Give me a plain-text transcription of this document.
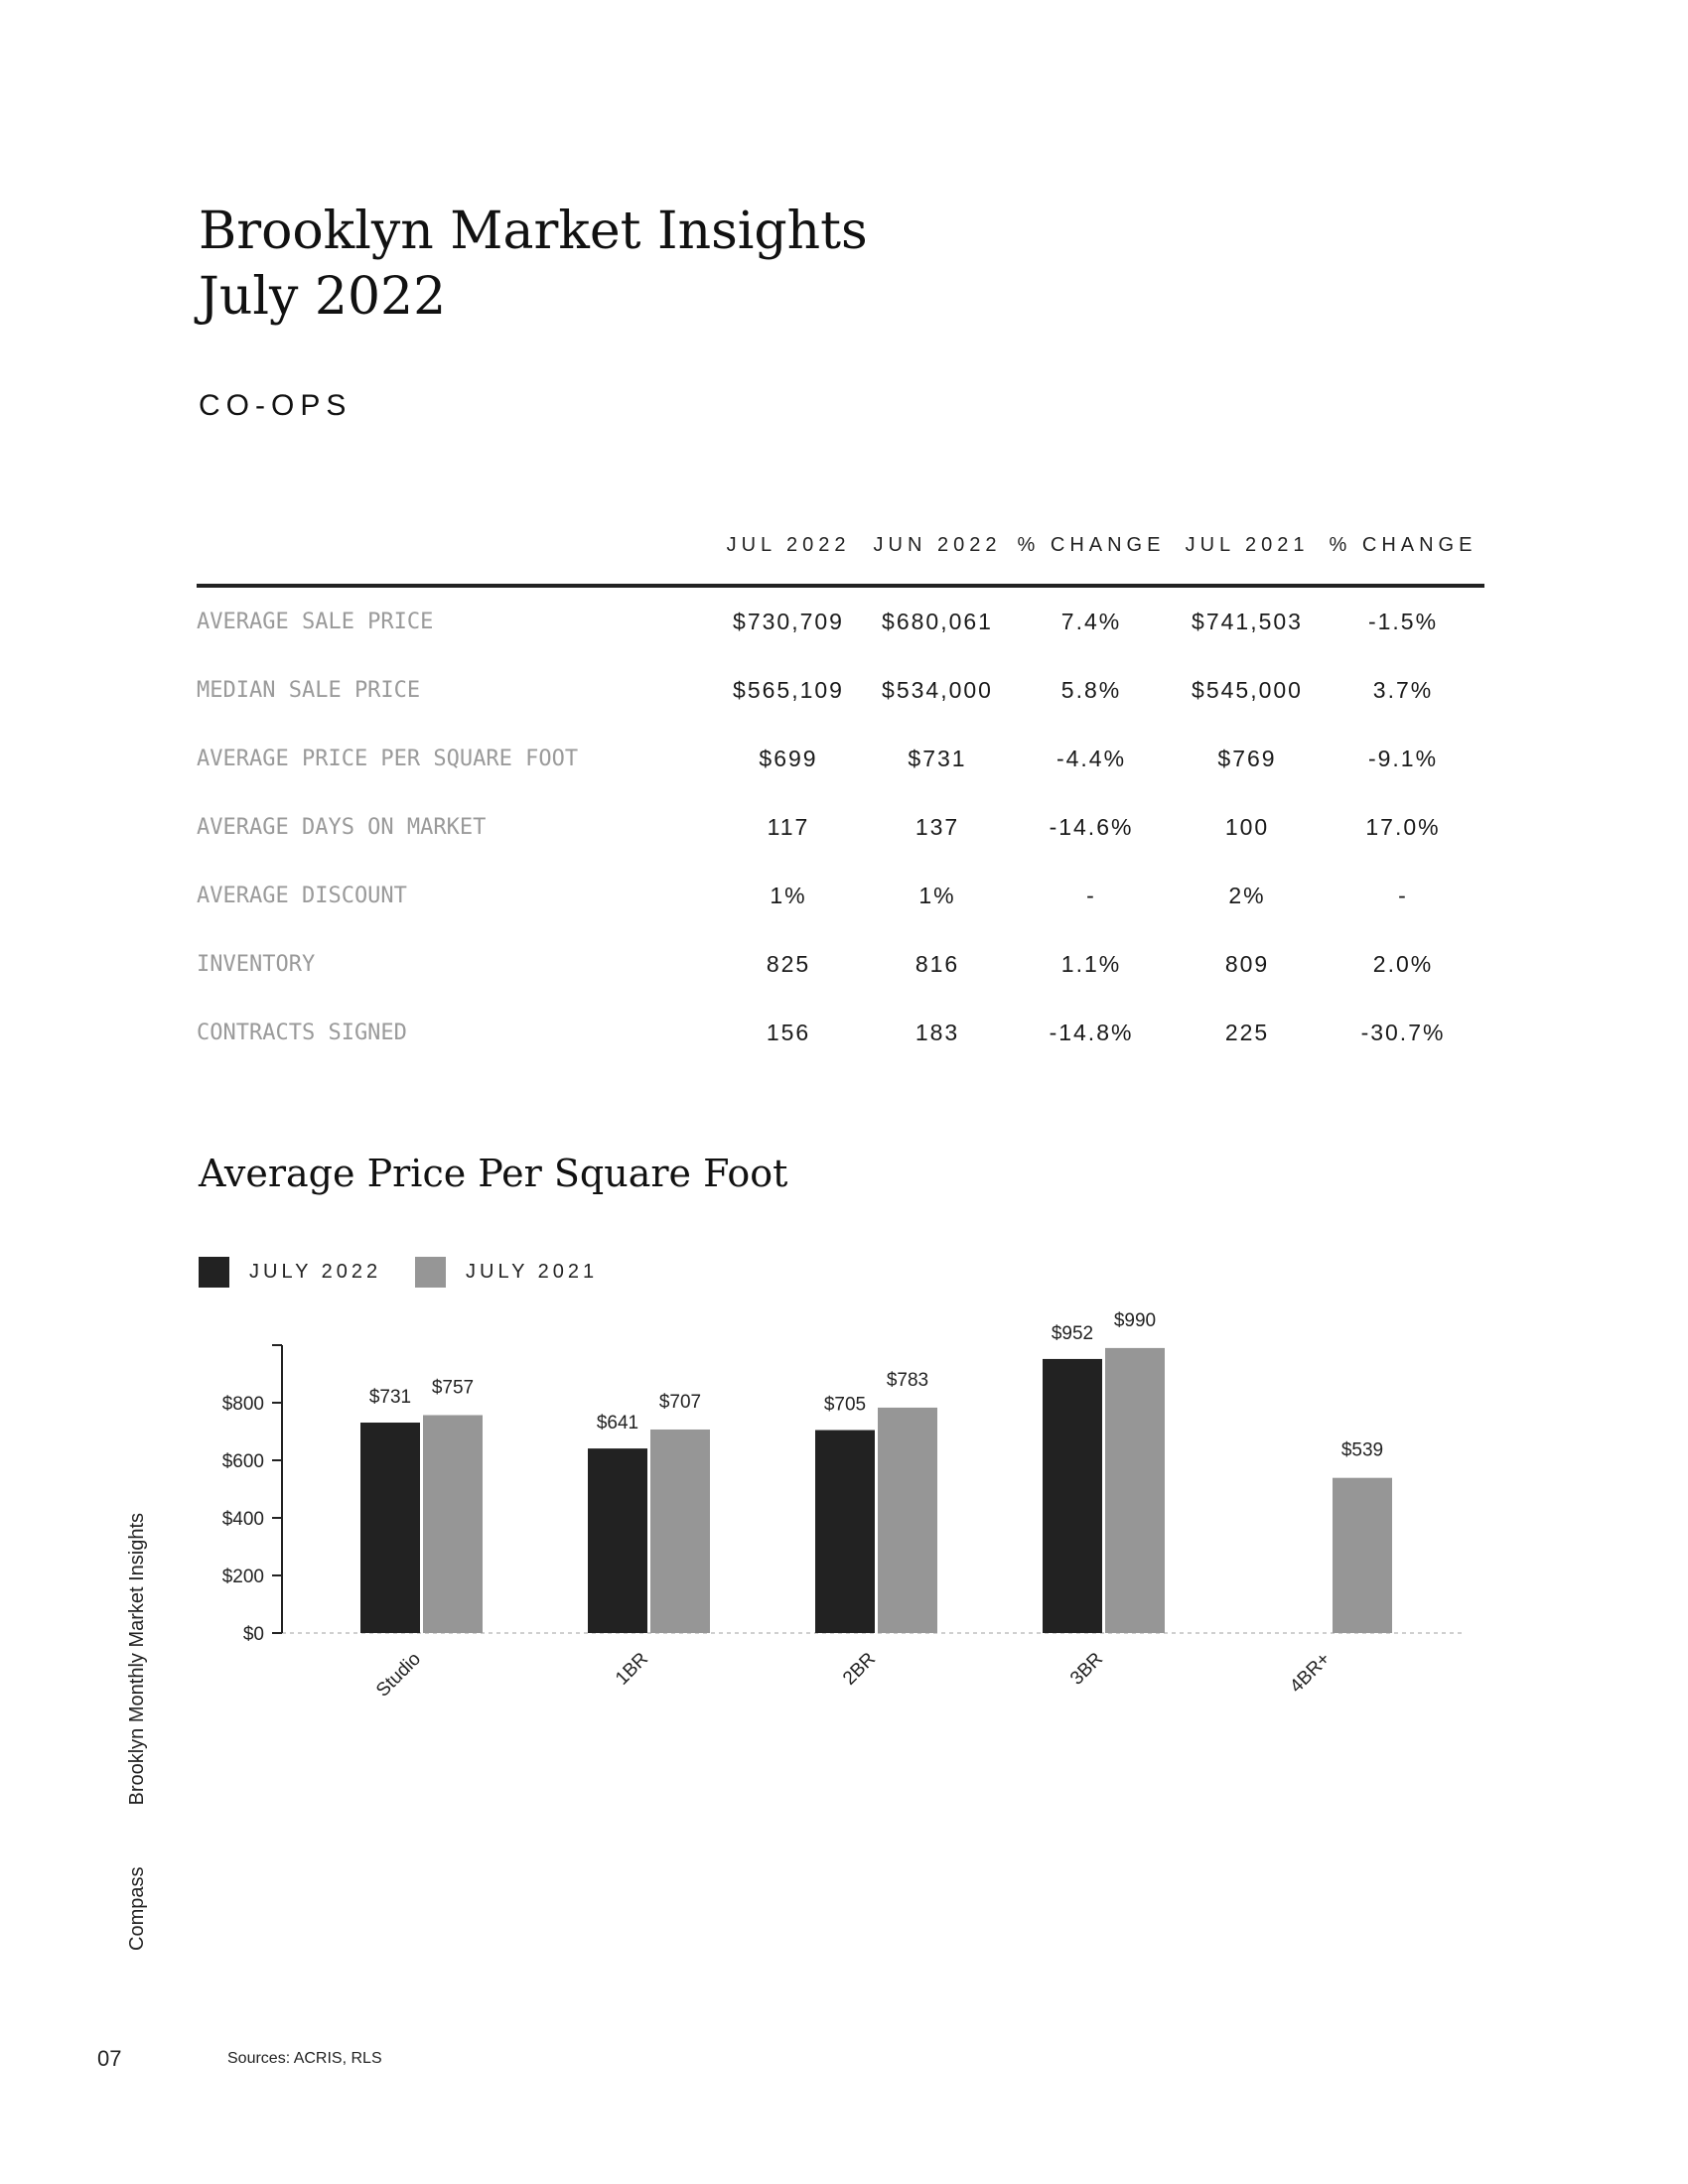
Brooklyn Market Insights
July 2022
CO-OPS
	JUL 2022	JUN 2022	% CHANGE	JUL 2021	% CHANGE
AVERAGE SALE PRICE	$730,709	$680,061	7.4%	$741,503	-1.5%
MEDIAN SALE PRICE	$565,109	$534,000	5.8%	$545,000	3.7%
AVERAGE PRICE PER SQUARE FOOT	$699	$731	-4.4%	$769	-9.1%
AVERAGE DAYS ON MARKET	117	137	-14.6%	100	17.0%
AVERAGE DISCOUNT	1%	1%	-	2%	-
INVENTORY	825	816	1.1%	809	2.0%
CONTRACTS SIGNED	156	183	-14.8%	225	-30.7%
Average Price Per Square Foot
JULY 2022	JULY 2021
$0
$200
$400
$600
$800	$731 $757
Studio
$641
$707
1BR
$705
$783
2BR
$952
$990
3BR
$539
4BR+
CompassBrooklyn Monthly Market Insights
07	Sources: ACRIS, RLS
